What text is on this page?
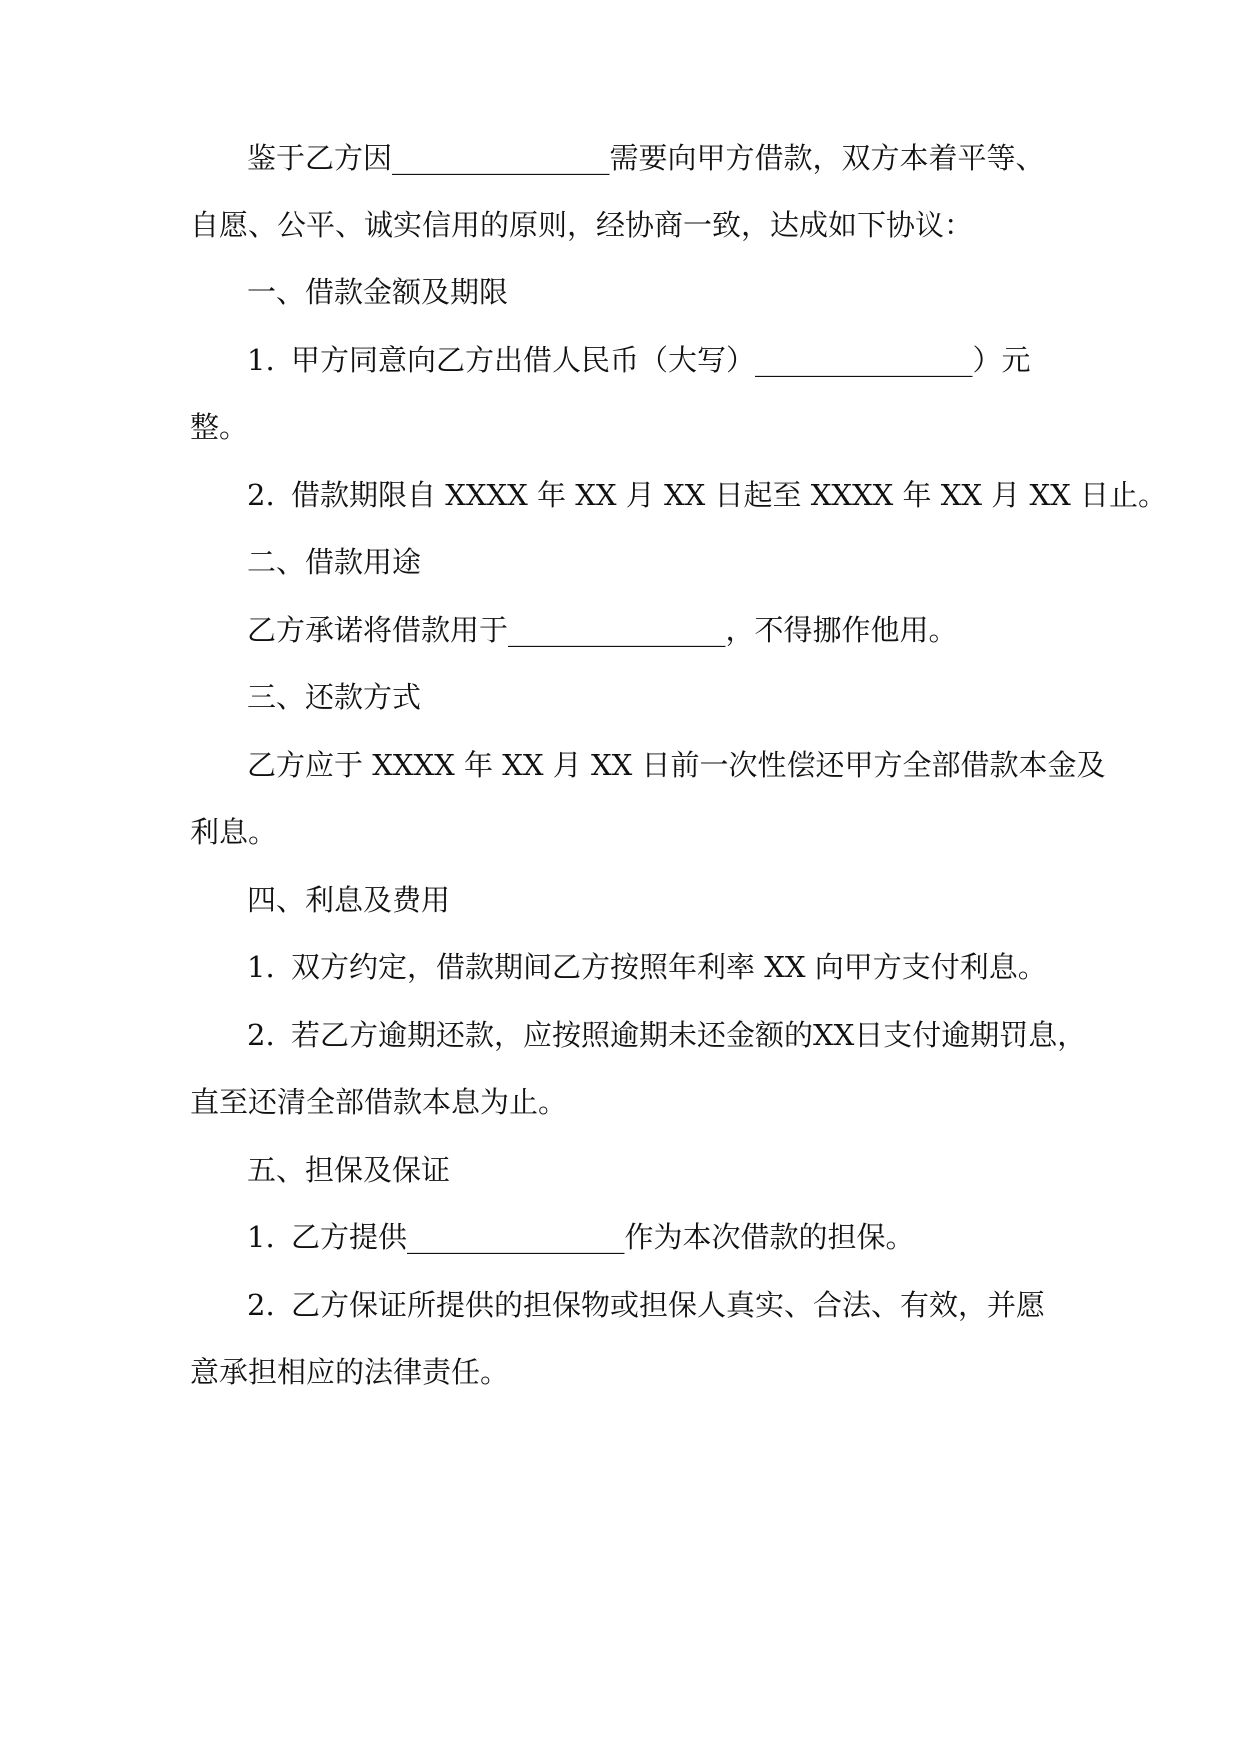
鉴于乙方因_______________需要向甲方借款，双方本着平等、
自愿、公平、诚实信用的原则，经协商一致，达成如下协议：
一、借款金额及期限
1. 甲方同意向乙方出借人民币（大写）_______________）元
整。
2. 借款期限自 XXXX 年 XX 月 XX 日起至 XXXX 年 XX 月 XX 日止。
二、借款用途
乙方承诺将借款用于_______________，不得挪作他用。
三、还款方式
乙方应于 XXXX 年 XX 月 XX 日前一次性偿还甲方全部借款本金及
利息。
四、利息及费用
1. 双方约定，借款期间乙方按照年利率 XX 向甲方支付利息。
2. 若乙方逾期还款，应按照逾期未还金额的XX日支付逾期罚息，
直至还清全部借款本息为止。
五、担保及保证
1. 乙方提供_______________作为本次借款的担保。
2. 乙方保证所提供的担保物或担保人真实、合法、有效，并愿
意承担相应的法律责任。
